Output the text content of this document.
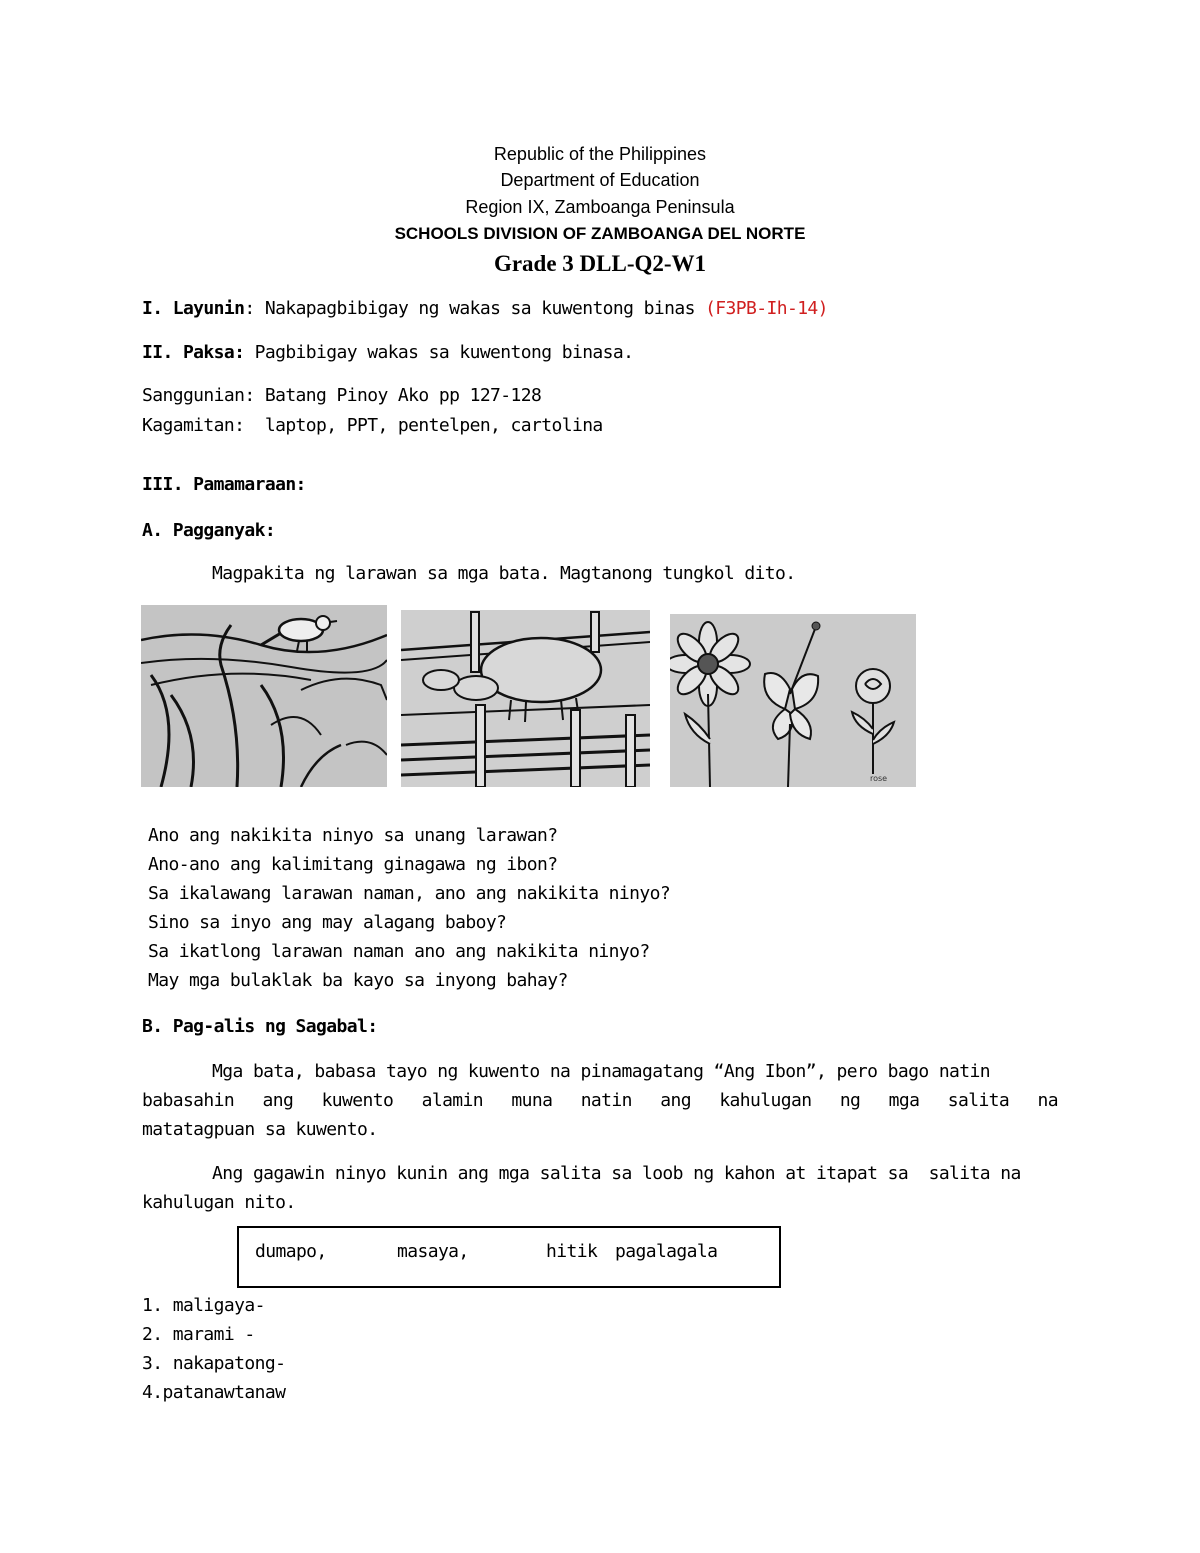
Republic of the Philippines
Department of Education
Region IX, Zamboanga Peninsula
SCHOOLS DIVISION OF ZAMBOANGA DEL NORTE
Grade 3 DLL-Q2-W1
I. Layunin: Nakapagbibigay ng wakas sa kuwentong binas (F3PB-Ih-14)
II. Paksa: Pagbibigay wakas sa kuwentong binasa.
Sanggunian: Batang Pinoy Ako pp 127-128
Kagamitan:  laptop, PPT, pentelpen, cartolina
III. Pamamaraan:
A. Pagganyak:
Magpakita ng larawan sa mga bata. Magtanong tungkol dito.
rose
Ano ang nakikita ninyo sa unang larawan?
Ano-ano ang kalimitang ginagawa ng ibon?
Sa ikalawang larawan naman, ano ang nakikita ninyo?
Sino sa inyo ang may alagang baboy?
Sa ikatlong larawan naman ano ang nakikita ninyo?
May mga bulaklak ba kayo sa inyong bahay?
B. Pag-alis ng Sagabal:
Mga bata, babasa tayo ng kuwento na pinamagatang “Ang Ibon”, pero bago natin
babasahin ang kuwento alamin muna natin ang kahulugan ng mga salita na
matatagpuan sa kuwento.
Ang gagawin ninyo kunin ang mga salita sa loob ng kahon at itapat sa  salita na
kahulugan nito.
dumapo,	masaya,	hitik pagalagala
1. maligaya-
2. marami -
3. nakapatong-
4.patanawtanaw
